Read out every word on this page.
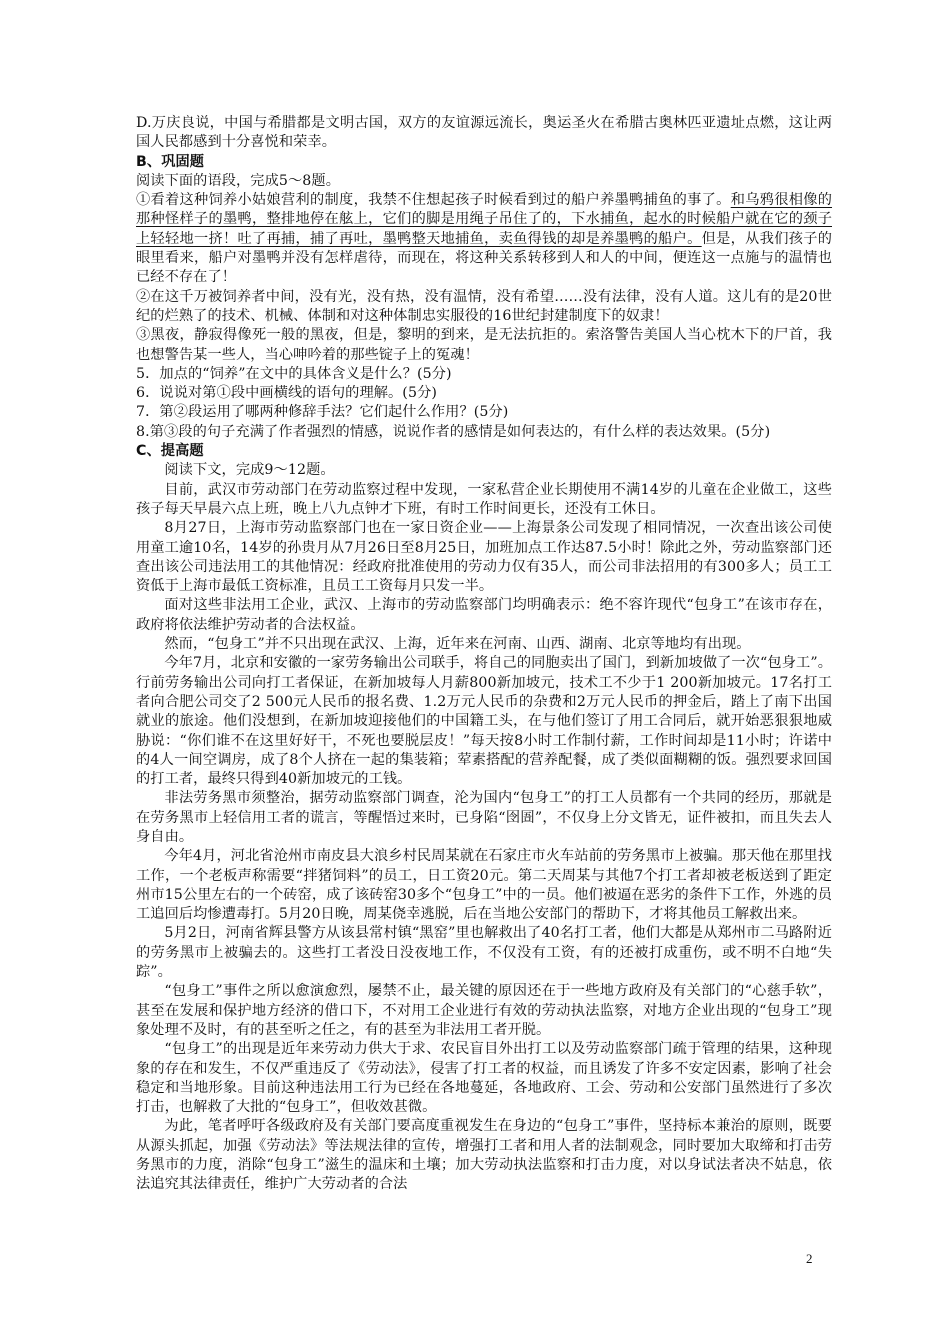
D.万庆良说，中国与希腊都是文明古国，双方的友谊源远流长，奥运圣火在希腊古奥林匹亚遗址点燃，这让两国人民都感到十分喜悦和荣幸。

B、巩固题

阅读下面的语段，完成5～8题。

①看着这种饲养小姑娘营利的制度，我禁不住想起孩子时候看到过的船户养墨鸭捕鱼的事了。和乌鸦很相像的那种怪样子的墨鸭，整排地停在舷上，它们的脚是用绳子吊住了的，下水捕鱼，起水的时候船户就在它的颈子上轻轻地一挤！吐了再捕，捕了再吐，墨鸭整天地捕鱼，卖鱼得钱的却是养墨鸭的船户。但是，从我们孩子的眼里看来，船户对墨鸭并没有怎样虐待，而现在，将这种关系转移到人和人的中间，便连这一点施与的温情也已经不存在了！

②在这千万被饲养者中间，没有光，没有热，没有温情，没有希望……没有法律，没有人道。这儿有的是20世纪的烂熟了的技术、机械、体制和对这种体制忠实服役的16世纪封建制度下的奴隶！

③黑夜，静寂得像死一般的黑夜，但是，黎明的到来，是无法抗拒的。索洛警告美国人当心枕木下的尸首，我也想警告某一些人，当心呻吟着的那些锭子上的冤魂！

5．加点的“饲养”在文中的具体含义是什么？(5分)

6．说说对第①段中画横线的语句的理解。(5分)

7．第②段运用了哪两种修辞手法？它们起什么作用？(5分)

8.第③段的句子充满了作者强烈的情感，说说作者的感情是如何表达的，有什么样的表达效果。(5分)

C、提高题

阅读下文，完成9～12题。

目前，武汉市劳动部门在劳动监察过程中发现，一家私营企业长期使用不满14岁的儿童在企业做工，这些孩子每天早晨六点上班，晚上八九点钟才下班，有时工作时间更长，还没有工休日。

8月27日，上海市劳动监察部门也在一家日资企业——上海景条公司发现了相同情况，一次查出该公司使用童工逾10名，14岁的孙贵月从7月26日至8月25日，加班加点工作达87.5小时！除此之外，劳动监察部门还查出该公司违法用工的其他情况：经政府批准使用的劳动力仅有35人，而公司非法招用的有300多人；员工工资低于上海市最低工资标准，且员工工资每月只发一半。

面对这些非法用工企业，武汉、上海市的劳动监察部门均明确表示：绝不容许现代“包身工”在该市存在，政府将依法维护劳动者的合法权益。

然而，“包身工”并不只出现在武汉、上海，近年来在河南、山西、湖南、北京等地均有出现。

今年7月，北京和安徽的一家劳务输出公司联手，将自己的同胞卖出了国门，到新加坡做了一次“包身工”。行前劳务输出公司向打工者保证，在新加坡每人月薪800新加坡元，技术工不少于1 200新加坡元。17名打工者向合肥公司交了2 500元人民币的报名费、1.2万元人民币的杂费和2万元人民币的押金后，踏上了南下出国就业的旅途。他们没想到，在新加坡迎接他们的中国籍工头，在与他们签订了用工合同后，就开始恶狠狠地威胁说：“你们谁不在这里好好干，不死也要脱层皮！”每天按8小时工作制付薪，工作时间却是11小时；许诺中的4人一间空调房，成了8个人挤在一起的集装箱；荤素搭配的营养配餐，成了类似面糊糊的饭。强烈要求回国的打工者，最终只得到40新加坡元的工钱。

非法劳务黑市须整治，据劳动监察部门调查，沦为国内“包身工”的打工人员都有一个共同的经历，那就是在劳务黑市上轻信用工者的谎言，等醒悟过来时，已身陷“囹圄”，不仅身上分文皆无，证件被扣，而且失去人身自由。

今年4月，河北省沧州市南皮县大浪乡村民周某就在石家庄市火车站前的劳务黑市上被骗。那天他在那里找工作，一个老板声称需要“拌猪饲料”的员工，日工资20元。第二天周某与其他7个打工者却被老板送到了距定州市15公里左右的一个砖窑，成了该砖窑30多个“包身工”中的一员。他们被逼在恶劣的条件下工作，外逃的员工追回后均惨遭毒打。5月20日晚，周某侥幸逃脱，后在当地公安部门的帮助下，才将其他员工解救出来。

5月2日，河南省辉县警方从该县常村镇“黑窑”里也解救出了40名打工者，他们大都是从郑州市二马路附近的劳务黑市上被骗去的。这些打工者没日没夜地工作，不仅没有工资，有的还被打成重伤，或不明不白地“失踪”。

“包身工”事件之所以愈演愈烈，屡禁不止，最关键的原因还在于一些地方政府及有关部门的“心慈手软”，甚至在发展和保护地方经济的借口下，不对用工企业进行有效的劳动执法监察，对地方企业出现的“包身工”现象处理不及时，有的甚至听之任之，有的甚至为非法用工者开脱。

“包身工”的出现是近年来劳动力供大于求、农民盲目外出打工以及劳动监察部门疏于管理的结果，这种现象的存在和发生，不仅严重违反了《劳动法》，侵害了打工者的权益，而且诱发了许多不安定因素，影响了社会稳定和当地形象。目前这种违法用工行为已经在各地蔓延，各地政府、工会、劳动和公安部门虽然进行了多次打击，也解救了大批的“包身工”，但收效甚微。

为此，笔者呼吁各级政府及有关部门要高度重视发生在身边的“包身工”事件，坚持标本兼治的原则，既要从源头抓起，加强《劳动法》等法规法律的宣传，增强打工者和用人者的法制观念，同时要加大取缔和打击劳务黑市的力度，消除“包身工”滋生的温床和土壤；加大劳动执法监察和打击力度，对以身试法者决不姑息，依法追究其法律责任，维护广大劳动者的合法

2
